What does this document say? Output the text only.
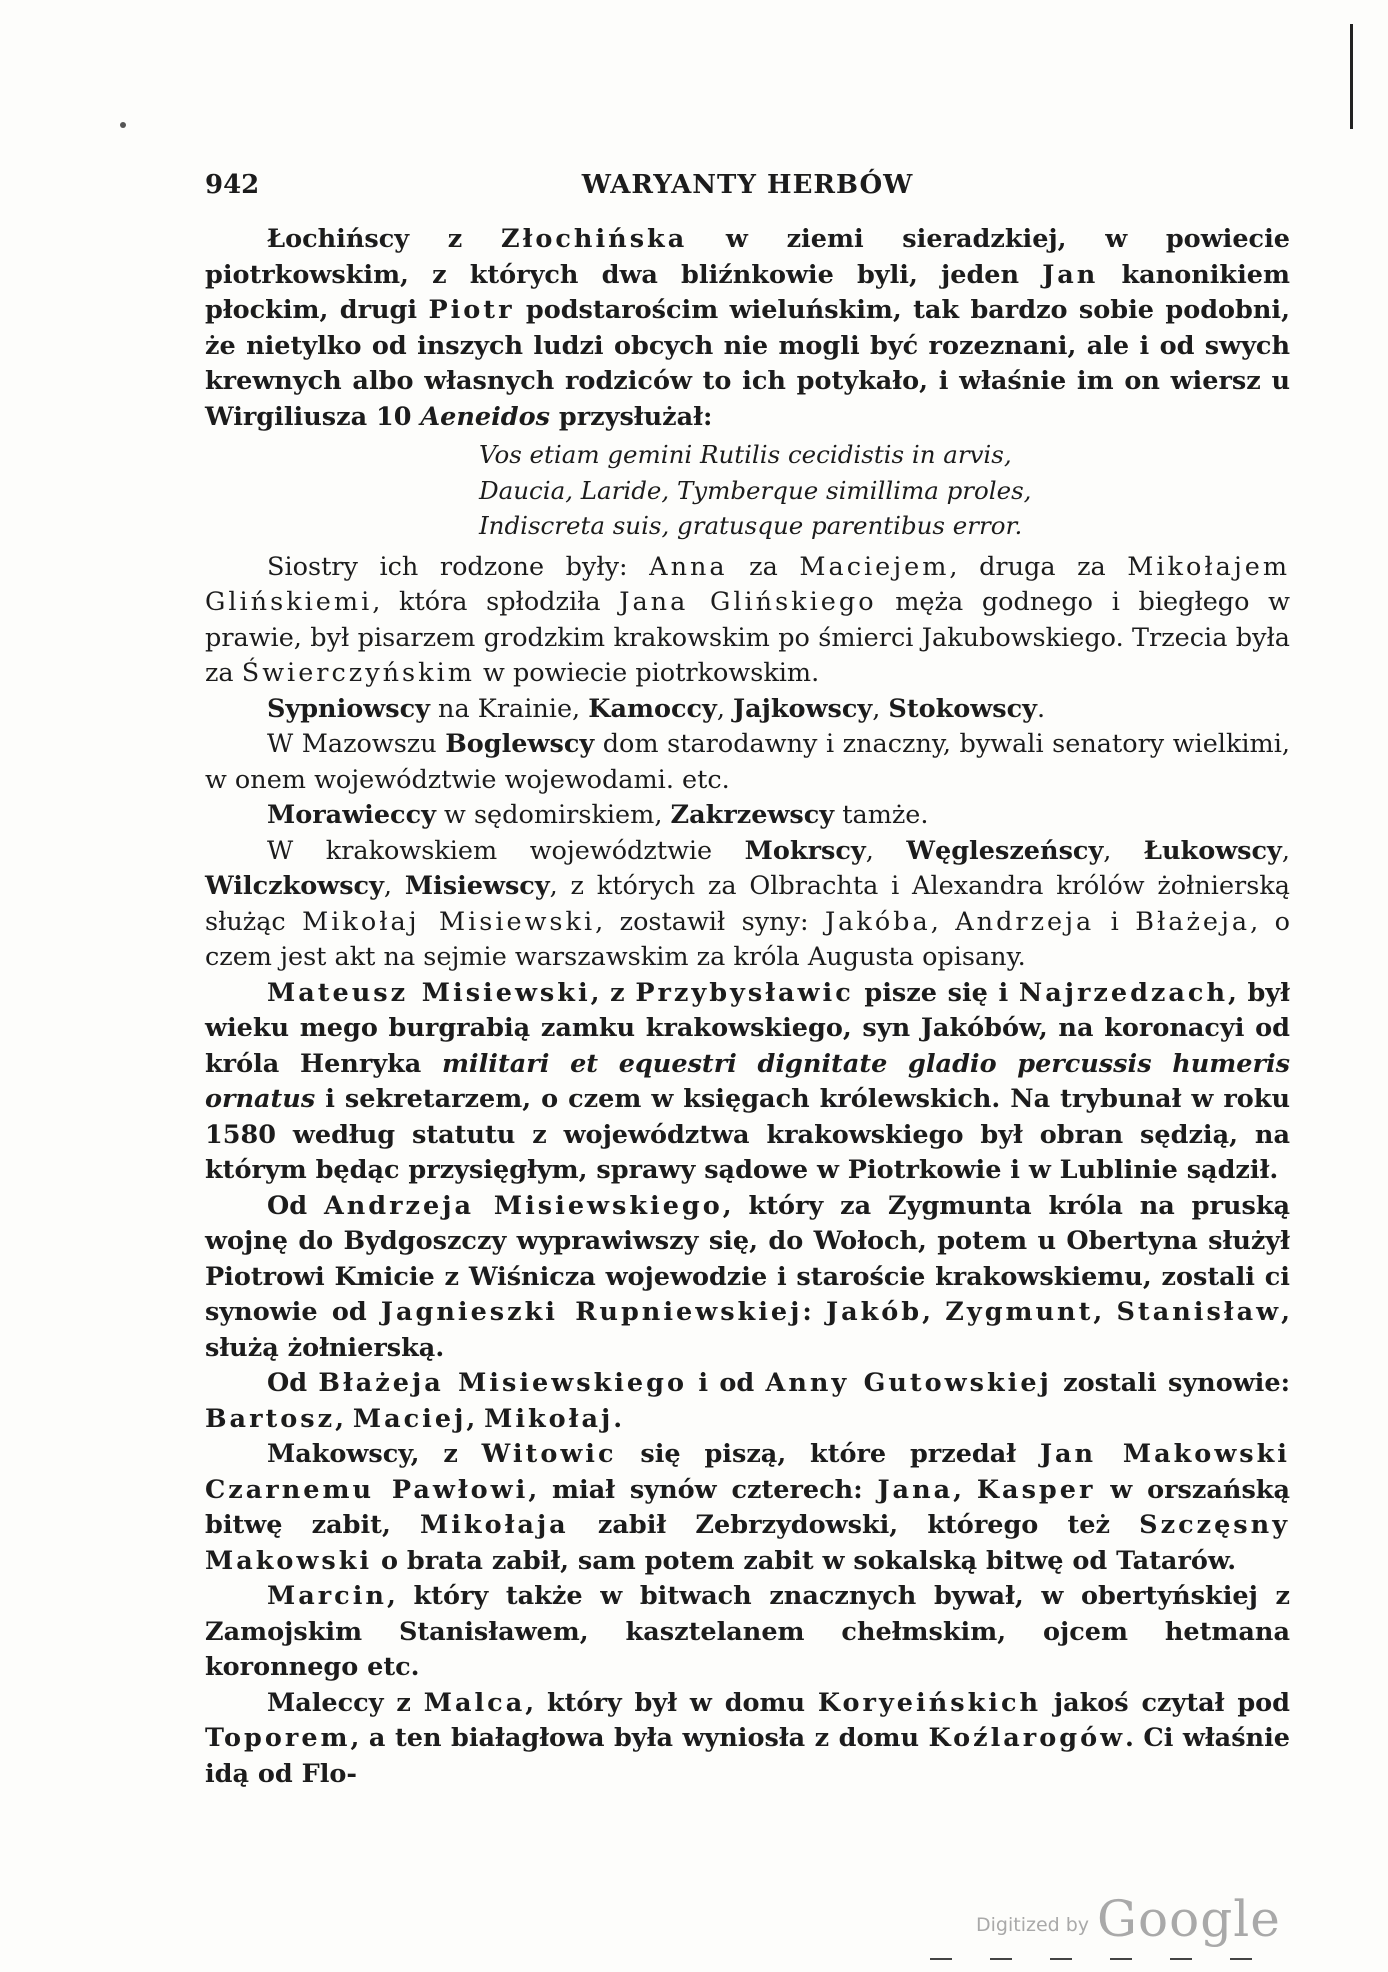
942	WARYANTY HERBÓW

Łochińscy z Złochińska w ziemi sieradzkiej, w powiecie piotrkowskim, z których dwa bliźnkowie byli, jeden Jan kanonikiem płockim, drugi Piotr podstarościm wieluńskim, tak bardzo sobie podobni, że nietylko od inszych ludzi obcych nie mogli być rozeznani, ale i od swych krewnych albo własnych rodziców to ich potykało, i właśnie im on wiersz u Wirgiliusza 10 Aeneidos przysłużał:

Vos etiam gemini Rutilis cecidistis in arvis,
Daucia, Laride, Tymberque simillima proles,
Indiscreta suis, gratusque parentibus error.

Siostry ich rodzone były: Anna za Maciejem, druga za Mikołajem Glińskiemi, która spłodziła Jana Glińskiego męża godnego i biegłego w prawie, był pisarzem grodzkim krakowskim po śmierci Jakubowskiego. Trzecia była za Świerczyńskim w powiecie piotrkowskim.

Sypniowscy na Krainie, Kamoccy, Jajkowscy, Stokowscy.

W Mazowszu Boglewscy dom starodawny i znaczny, bywali senatory wielkimi, w onem województwie wojewodami. etc.

Morawieccy w sędomirskiem, Zakrzewscy tamże.

W krakowskiem województwie Mokrscy, Węgleszeńscy, Łukowscy, Wilczkowscy, Misiewscy, z których za Olbrachta i Alexandra królów żołnierską służąc Mikołaj Misiewski, zostawił syny: Jakóba, Andrzeja i Błażeja, o czem jest akt na sejmie warszawskim za króla Augusta opisany.

Mateusz Misiewski, z Przybysławic pisze się i Najrzedzach, był wieku mego burgrabią zamku krakowskiego, syn Jakóbów, na koronacyi od króla Henryka militari et equestri dignitate gladio percussis humeris ornatus i sekretarzem, o czem w księgach królewskich. Na trybunał w roku 1580 według statutu z województwa krakowskiego był obran sędzią, na którym będąc przysięgłym, sprawy sądowe w Piotrkowie i w Lublinie sądził.

Od Andrzeja Misiewskiego, który za Zygmunta króla na pruską wojnę do Bydgoszczy wyprawiwszy się, do Wołoch, potem u Obertyna służył Piotrowi Kmicie z Wiśnicza wojewodzie i staroście krakowskiemu, zostali ci synowie od Jagnieszki Rupniewskiej: Jakób, Zygmunt, Stanisław, służą żołnierską.

Od Błażeja Misiewskiego i od Anny Gutowskiej zostali synowie: Bartosz, Maciej, Mikołaj.

Makowscy, z Witowic się piszą, które przedał Jan Makowski Czarnemu Pawłowi, miał synów czterech: Jana, Kasper w orszańską bitwę zabit, Mikołaja zabił Zebrzydowski, którego też Szczęsny Makowski o brata zabił, sam potem zabit w sokalską bitwę od Tatarów.

Marcin, który także w bitwach znacznych bywał, w obertyńskiej z Zamojskim Stanisławem, kasztelanem chełmskim, ojcem hetmana koronnego etc.

Maleccy z Malca, który był w domu Koryeińskich jakoś czytał pod Toporem, a ten białagłowa była wyniosła z domu Koźlarogów. Ci właśnie idą od Flo-

Digitized by Google
